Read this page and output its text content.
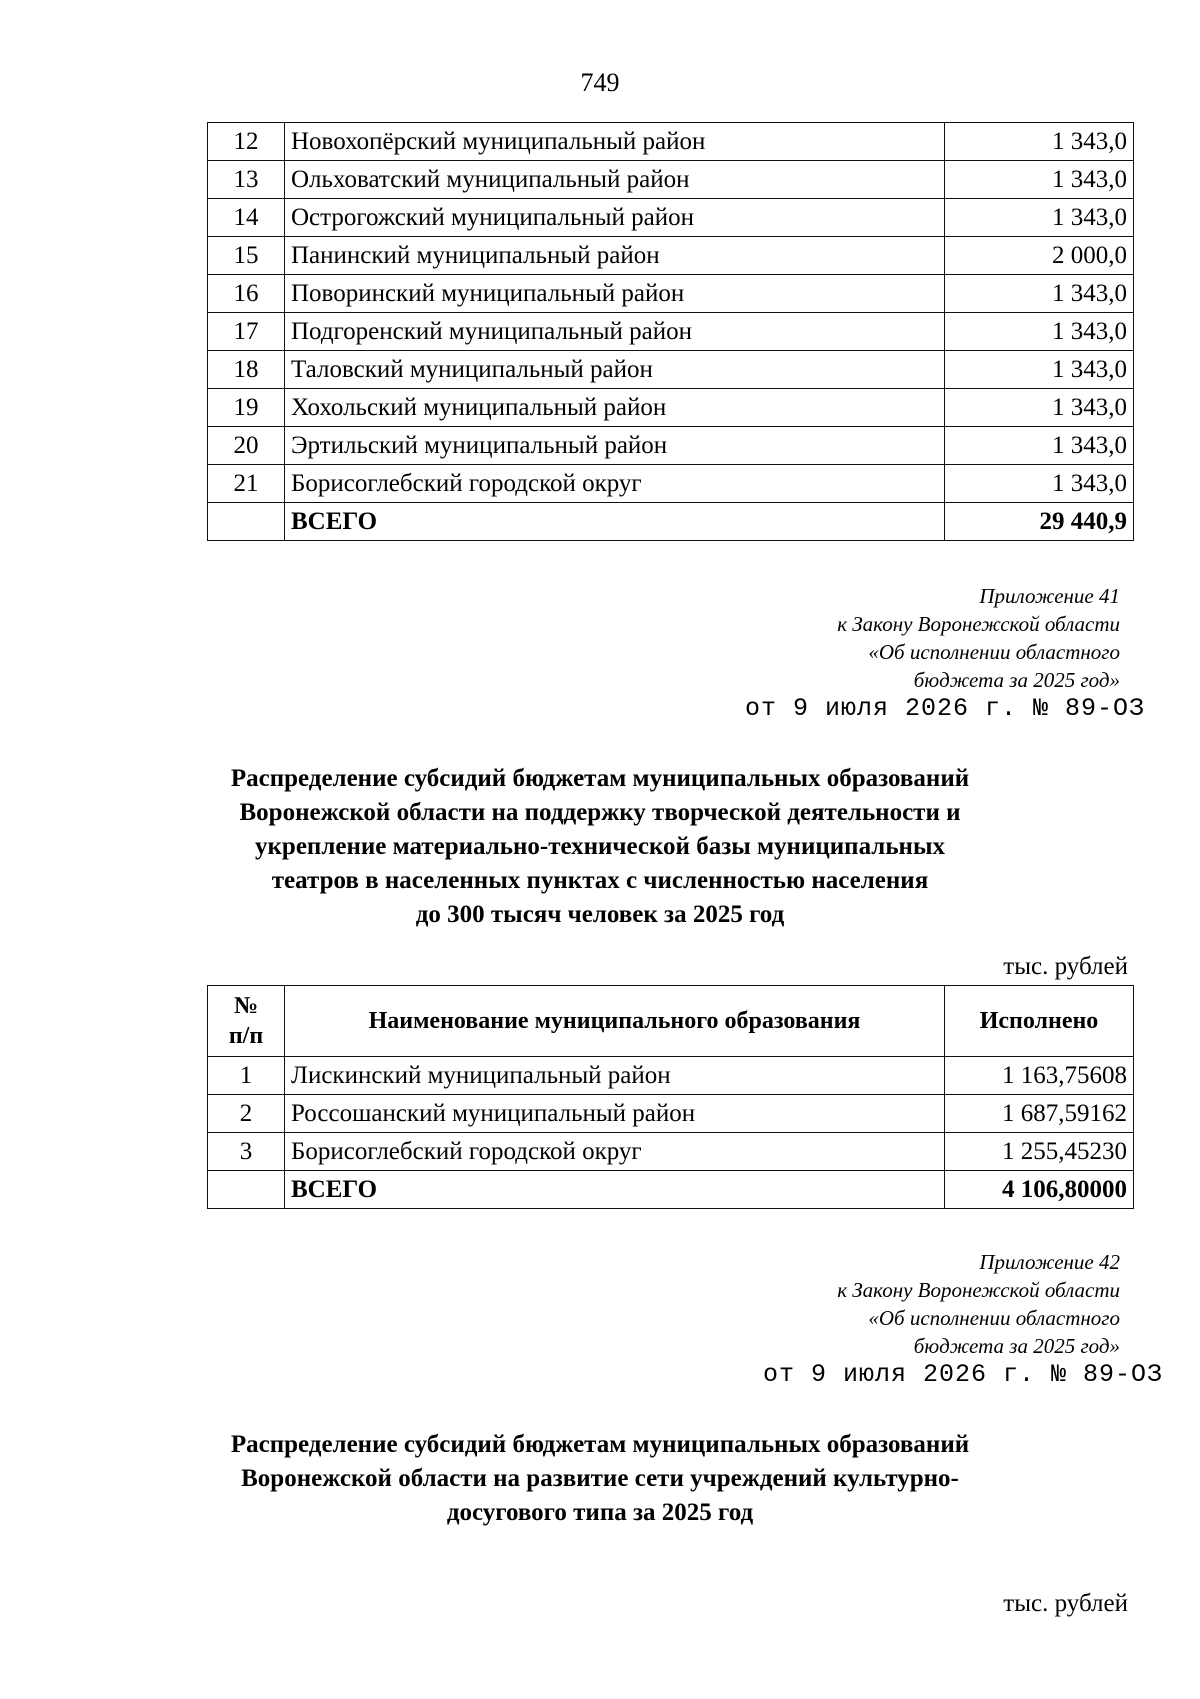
749
12	Новохопёрский муниципальный район	1 343,0
13	Ольховатский муниципальный район	1 343,0
14	Острогожский муниципальный район	1 343,0
15	Панинский муниципальный район	2 000,0
16	Поворинский муниципальный район	1 343,0
17	Подгоренский муниципальный район	1 343,0
18	Таловский муниципальный район	1 343,0
19	Хохольский муниципальный район	1 343,0
20	Эртильский муниципальный район	1 343,0
21	Борисоглебский городской округ	1 343,0
	ВСЕГО	29 440,9
Приложение 41
к Закону Воронежской области
«Об исполнении областного
бюджета за 2025 год»
от 9 июля 2026 г. № 89-ОЗ
Распределение субсидий бюджетам муниципальных образований
Воронежской области на поддержку творческой деятельности и
укрепление материально-технической базы муниципальных
театров в населенных пунктах с численностью населения
до 300 тысяч человек за 2025 год
тыс. рублей
№ п/п	Наименование муниципального образования	Исполнено
1	Лискинский муниципальный район	1 163,75608
2	Россошанский муниципальный район	1 687,59162
3	Борисоглебский городской округ	1 255,45230
	ВСЕГО	4 106,80000
Приложение 42
к Закону Воронежской области
«Об исполнении областного
бюджета за 2025 год»
от 9 июля 2026 г. № 89-ОЗ
Распределение субсидий бюджетам муниципальных образований
Воронежской области на развитие сети учреждений культурно-
досугового типа за 2025 год
тыс. рублей
